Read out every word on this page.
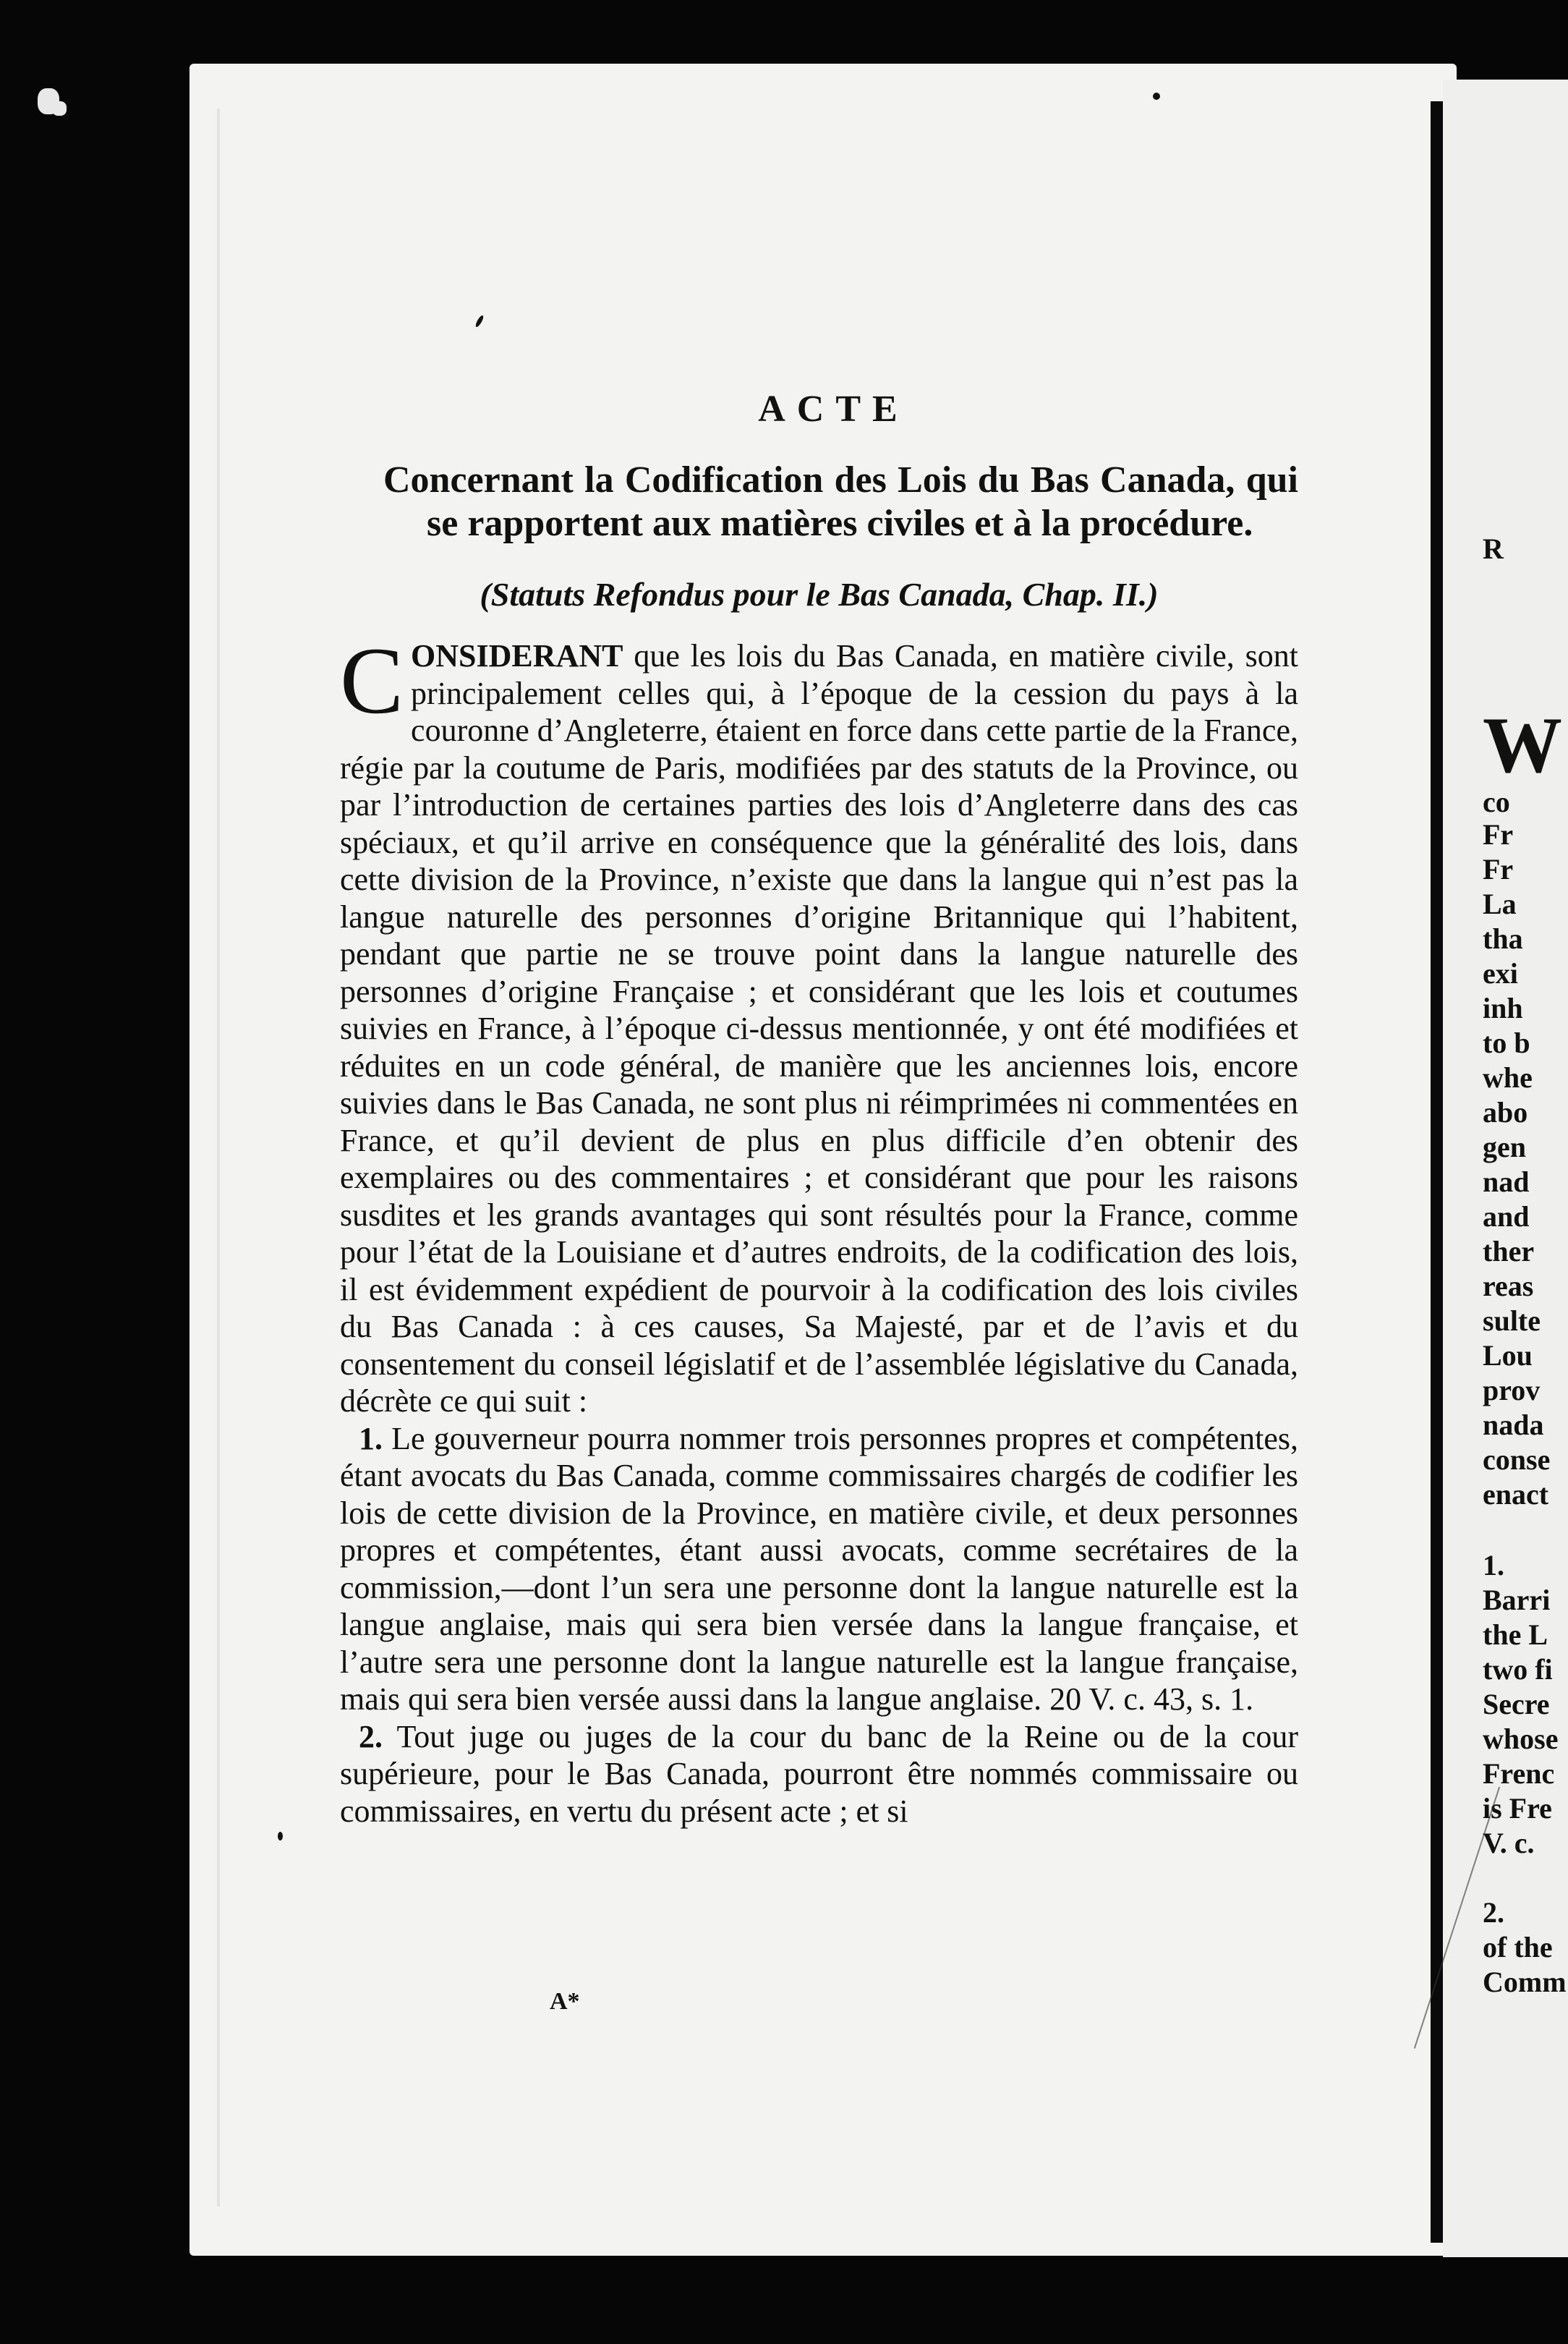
ACTE
Concernant la Codification des Lois du Bas Canada, qui se rapportent aux matières civiles et à la procédure.
(Statuts Refondus pour le Bas Canada, Chap. II.)

CONSIDERANT que les lois du Bas Canada, en matière civile, sont principalement celles qui, à l’époque de la cession du pays à la couronne d’Angleterre, étaient en force dans cette partie de la France, régie par la coutume de Paris, modifiées par des statuts de la Province, ou par l’introduction de certaines parties des lois d’Angleterre dans des cas spéciaux, et qu’il arrive en conséquence que la généralité des lois, dans cette division de la Province, n’existe que dans la langue qui n’est pas la langue naturelle des personnes d’origine Britannique qui l’habitent, pendant que partie ne se trouve point dans la langue naturelle des personnes d’origine Française ; et considérant que les lois et coutumes suivies en France, à l’époque ci-dessus mentionnée, y ont été modifiées et réduites en un code général, de manière que les anciennes lois, encore suivies dans le Bas Canada, ne sont plus ni réimprimées ni commentées en France, et qu’il devient de plus en plus difficile d’en obtenir des exemplaires ou des commentaires ; et considérant que pour les raisons susdites et les grands avantages qui sont résultés pour la France, comme pour l’état de la Louisiane et d’autres endroits, de la codification des lois, il est évidemment expédient de pourvoir à la codification des lois civiles du Bas Canada : à ces causes, Sa Majesté, par et de l’avis et du consentement du conseil législatif et de l’assemblée législative du Canada, décrète ce qui suit :

1. Le gouverneur pourra nommer trois personnes propres et compétentes, étant avocats du Bas Canada, comme commissaires chargés de codifier les lois de cette division de la Province, en matière civile, et deux personnes propres et compétentes, étant aussi avocats, comme secrétaires de la commission,—dont l’un sera une personne dont la langue naturelle est la langue anglaise, mais qui sera bien versée dans la langue française, et l’autre sera une personne dont la langue naturelle est la langue française, mais qui sera bien versée aussi dans la langue anglaise. 20 V. c. 43, s. 1.

2. Tout juge ou juges de la cour du banc de la Reine ou de la cour supérieure, pour le Bas Canada, pourront être nommés commissaire ou commissaires, en vertu du présent acte ; et si

A*
R
W
co
Fr
Fr
La
tha
exi
inh
to b
whe
abo
gen
nad
and
ther
reas
sulte
Lou
prov
nada
conse
enact
1.
Barri
the L
two fi
Secre
whose
Frenc
is Fre
V. c.
2.
of the
Comm
